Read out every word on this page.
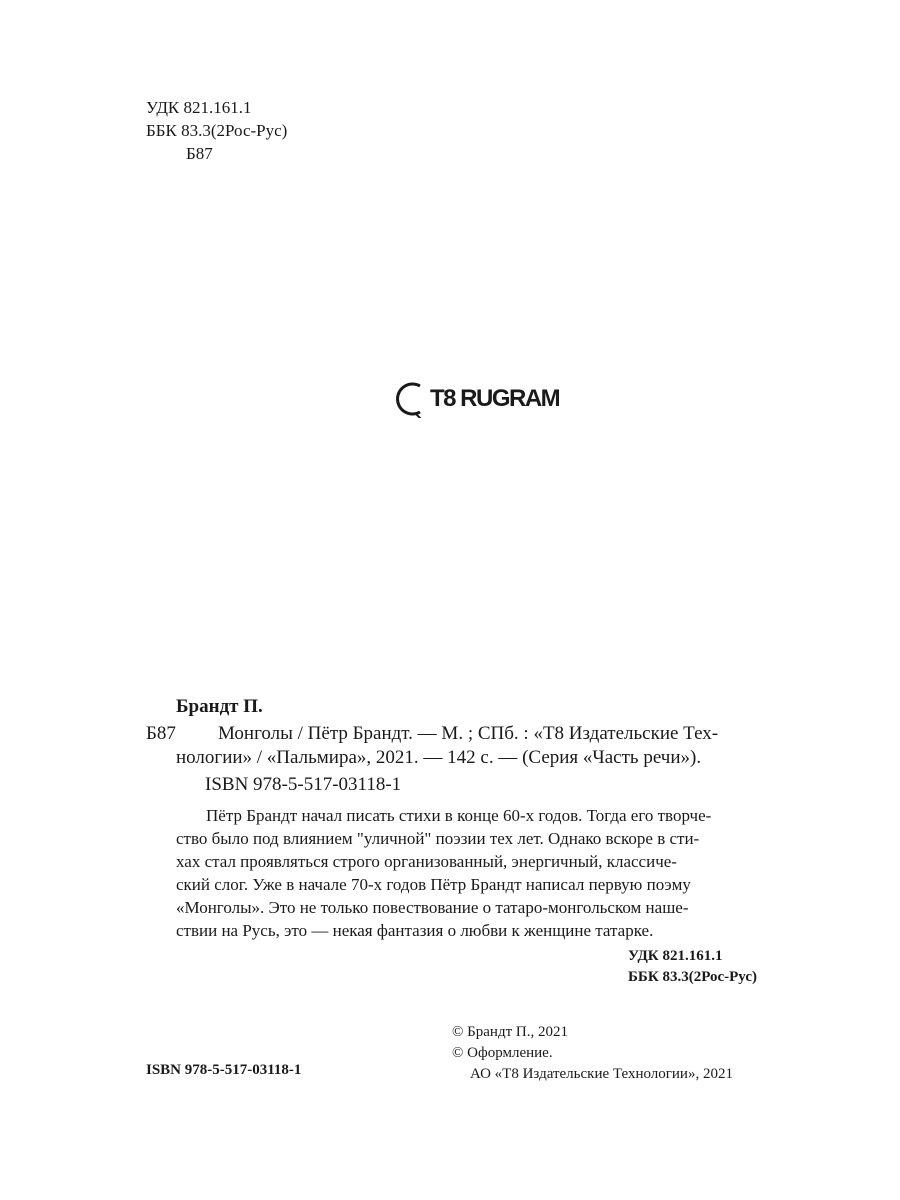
УДК 821.161.1
ББК 83.3(2Рос-Рус)
Б87
T8 RUGRAM
Брандт П.
Б87 Монголы / Пётр Брандт. — М. ; СПб. : «Т8 Издательские Тех-
нологии» / «Пальмира», 2021. — 142 с. — (Серия «Часть речи»).
ISBN 978-5-517-03118-1
Пётр Брандт начал писать стихи в конце 60-х годов. Тогда его творче-
ство было под влиянием "уличной" поэзии тех лет. Однако вскоре в сти-
хах стал проявляться строго организованный, энергичный, классиче-
ский слог. Уже в начале 70-х годов Пётр Брандт написал первую поэму
«Монголы». Это не только повествование о татаро-монгольском наше-
ствии на Русь, это — некая фантазия о любви к женщине татарке.
УДК 821.161.1
ББК 83.3(2Рос-Рус)
© Брандт П., 2021
© Оформление.
АО «Т8 Издательские Технологии», 2021
ISBN 978-5-517-03118-1
